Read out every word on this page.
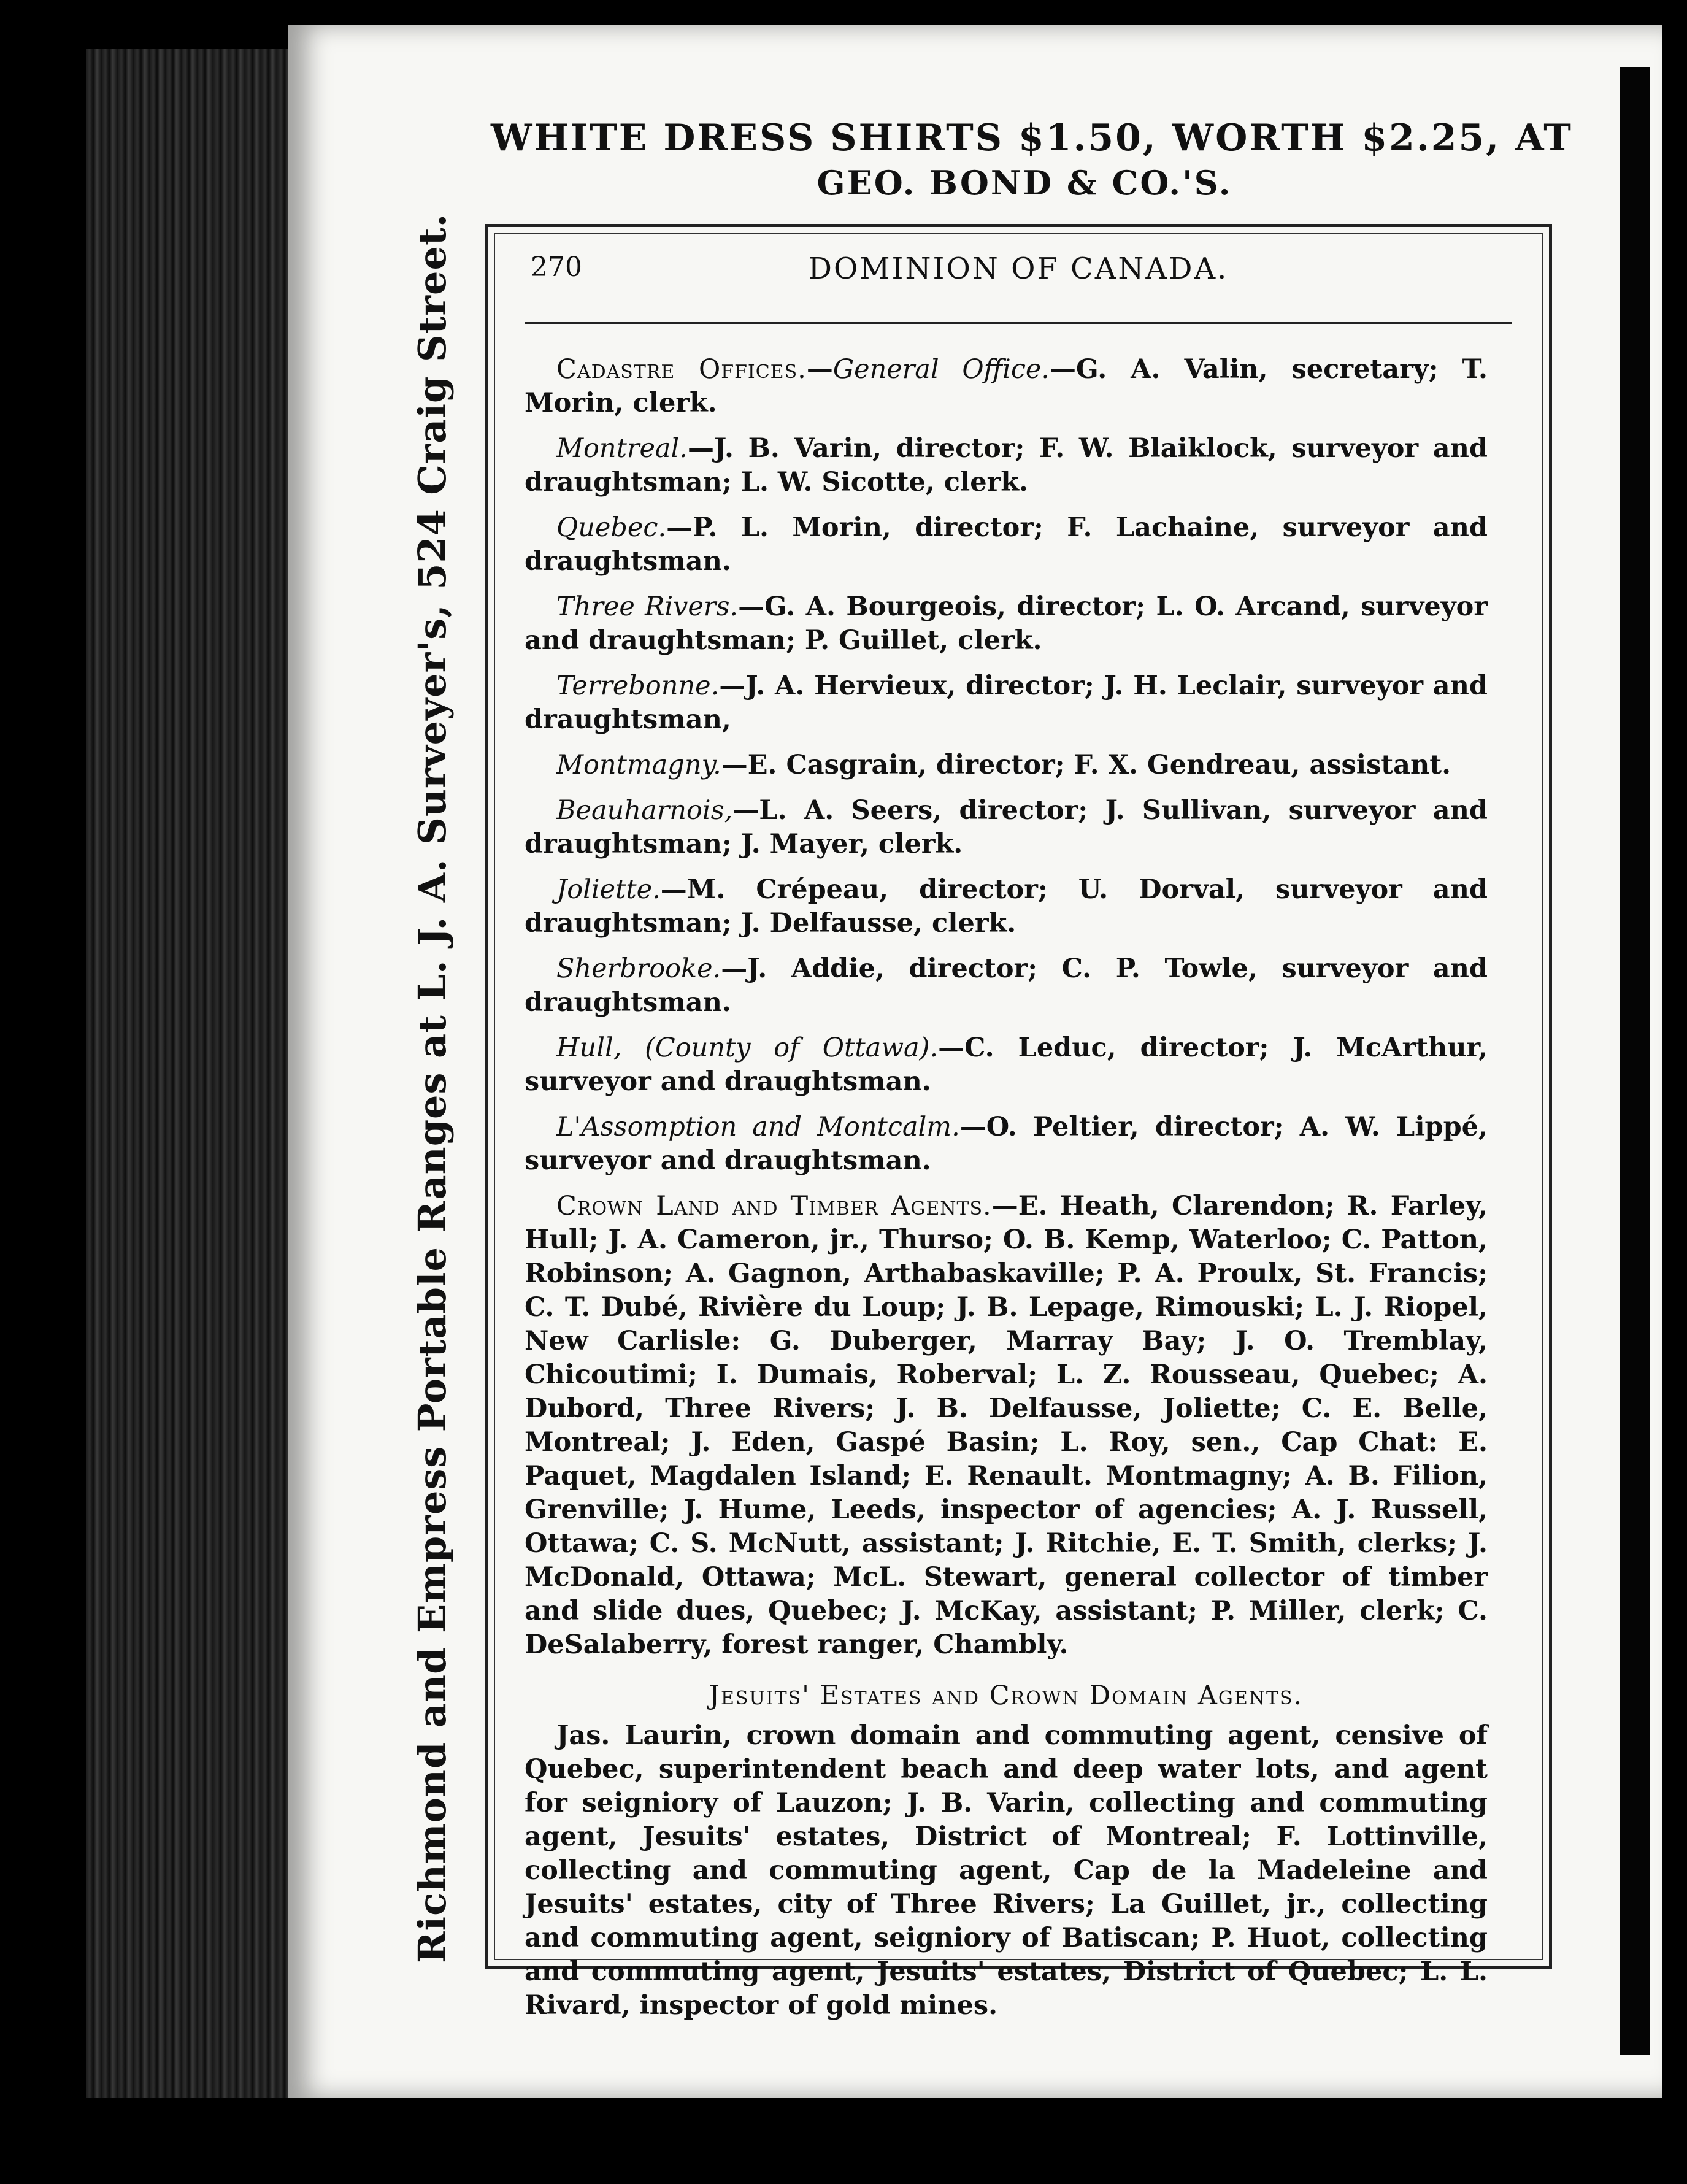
WHITE DRESS SHIRTS $1.50, WORTH $2.25, AT
GEO. BOND & CO.'S.
Richmond and Empress Portable Ranges at L. J. A. Surveyer's, 524 Craig Street.	270	DOMINION OF CANADA.

Cadastre Offices.—General Office.—G. A. Valin, secretary; T. Morin, clerk.

Montreal.—J. B. Varin, director; F. W. Blaiklock, surveyor and draughtsman; L. W. Sicotte, clerk.

Quebec.—P. L. Morin, director; F. Lachaine, surveyor and draughtsman.

Three Rivers.—G. A. Bourgeois, director; L. O. Arcand, surveyor and draughtsman; P. Guillet, clerk.

Terrebonne.—J. A. Hervieux, director; J. H. Leclair, surveyor and draughtsman,

Montmagny.—E. Casgrain, director; F. X. Gendreau, assistant.

Beauharnois,—L. A. Seers, director; J. Sullivan, surveyor and draughtsman; J. Mayer, clerk.

Joliette.—M. Crépeau, director; U. Dorval, surveyor and draughtsman; J. Delfausse, clerk.

Sherbrooke.—J. Addie, director; C. P. Towle, surveyor and draughtsman.

Hull, (County of Ottawa).—C. Leduc, director; J. McArthur, surveyor and draughtsman.

L'Assomption and Montcalm.—O. Peltier, director; A. W. Lippé, surveyor and draughtsman.

Crown Land and Timber Agents.—E. Heath, Clarendon; R. Farley, Hull; J. A. Cameron, jr., Thurso; O. B. Kemp, Waterloo; C. Patton, Robinson; A. Gagnon, Arthabaskaville; P. A. Proulx, St. Francis; C. T. Dubé, Rivière du Loup; J. B. Lepage, Rimouski; L. J. Riopel, New Carlisle: G. Duberger, Marray Bay; J. O. Tremblay, Chicoutimi; I. Dumais, Roberval; L. Z. Rousseau, Quebec; A. Dubord, Three Rivers; J. B. Delfausse, Joliette; C. E. Belle, Montreal; J. Eden, Gaspé Basin; L. Roy, sen., Cap Chat: E. Paquet, Magdalen Island; E. Renault. Montmagny; A. B. Filion, Grenville; J. Hume, Leeds, inspector of agencies; A. J. Russell, Ottawa; C. S. McNutt, assistant; J. Ritchie, E. T. Smith, clerks; J. McDonald, Ottawa; McL. Stewart, general collector of timber and slide dues, Quebec; J. McKay, assistant; P. Miller, clerk; C. DeSalaberry, forest ranger, Chambly.

Jesuits' Estates and Crown Domain Agents.

Jas. Laurin, crown domain and commuting agent, censive of Quebec, superintendent beach and deep water lots, and agent for seigniory of Lauzon; J. B. Varin, collecting and commuting agent, Jesuits' estates, District of Montreal; F. Lottinville, collecting and commuting agent, Cap de la Madeleine and Jesuits' estates, city of Three Rivers; La Guillet, jr., collecting and commuting agent, seigniory of Batiscan; P. Huot, collecting and commuting agent, Jesuits' estates, District of Quebec; L. L. Rivard, inspector of gold mines.
